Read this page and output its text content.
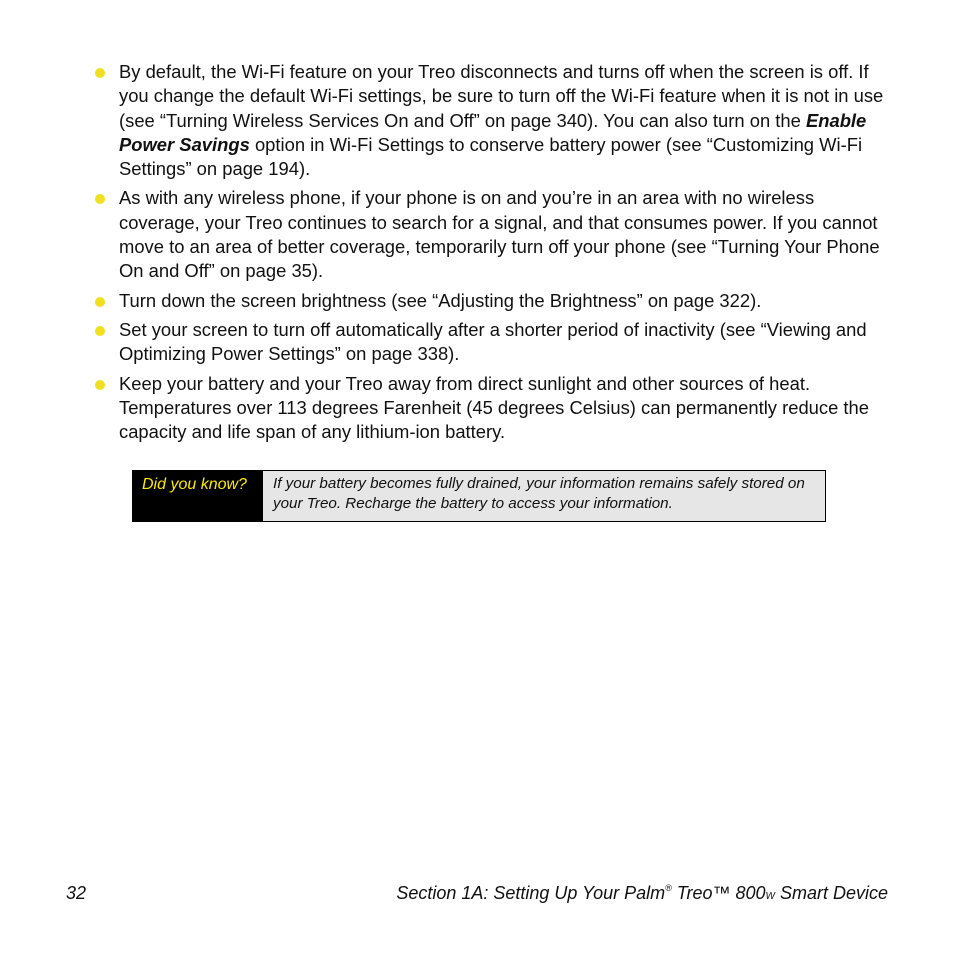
By default, the Wi-Fi feature on your Treo disconnects and turns off when the screen is off. If you change the default Wi-Fi settings, be sure to turn off the Wi-Fi feature when it is not in use (see “Turning Wireless Services On and Off” on page 340). You can also turn on the Enable Power Savings option in Wi-Fi Settings to conserve battery power (see “Customizing Wi-Fi Settings” on page 194).
As with any wireless phone, if your phone is on and you’re in an area with no wireless coverage, your Treo continues to search for a signal, and that consumes power. If you cannot move to an area of better coverage, temporarily turn off your phone (see “Turning Your Phone On and Off” on page 35).
Turn down the screen brightness (see “Adjusting the Brightness” on page 322).
Set your screen to turn off automatically after a shorter period of inactivity (see “Viewing and Optimizing Power Settings” on page 338).
Keep your battery and your Treo away from direct sunlight and other sources of heat. Temperatures over 113 degrees Farenheit (45 degrees Celsius) can permanently reduce the capacity and life span of any lithium-ion battery.
Did you know?	If your battery becomes fully drained, your information remains safely stored on your Treo. Recharge the battery to access your information.
32	Section 1A: Setting Up Your Palm® Treo™ 800W Smart Device
